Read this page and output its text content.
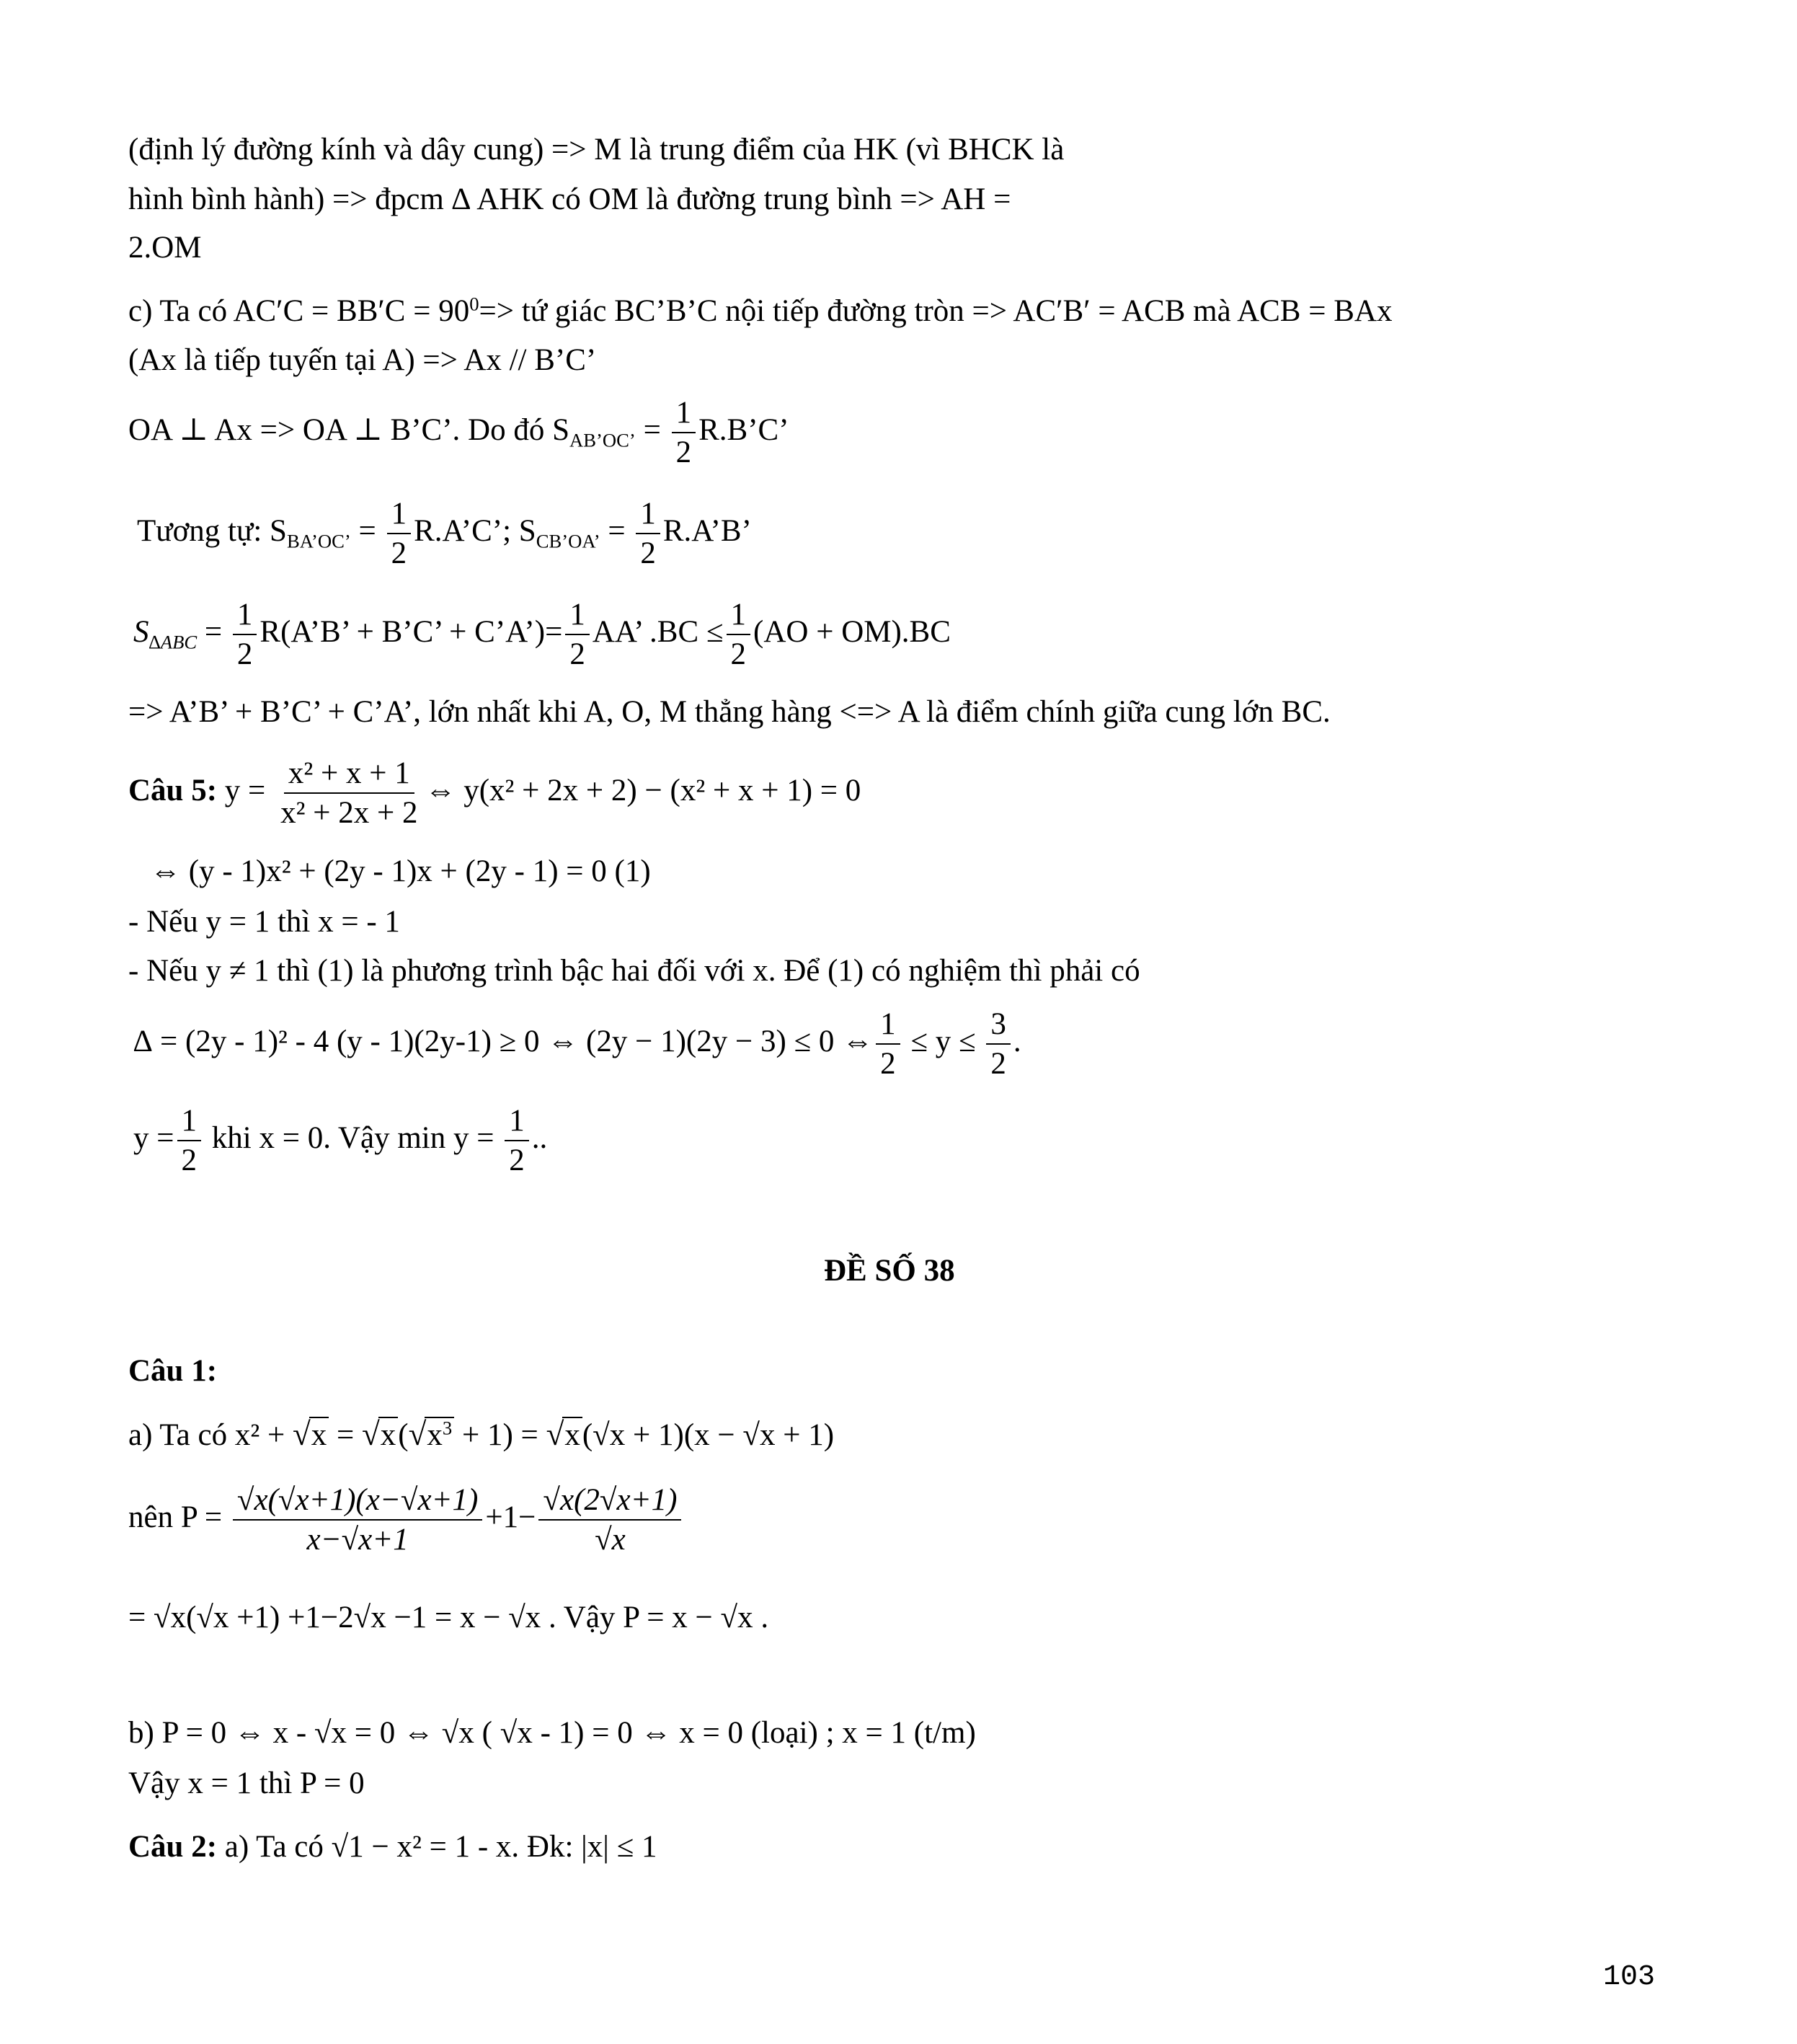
(định lý đường kính và dây cung) => M là trung điểm của HK (vì BHCK là
hình bình hành) => đpcm ∆ AHK có OM là đường trung bình => AH =
2.OM
c) Ta có $AC'C = BB'C = 90^0=>$ tứ giác BC’B’C nội tiếp đường tròn => AC′B′ = ACB mà ACB = BAx
(Ax là tiếp tuyến tại A) => Ax // B’C’
OA ⊥ Ax => OA ⊥ B’C’. Do đó $S_{AB’OC’} = \frac{1}{2}$ R.B’C’
Tương tự: $S_{BA’OC’} = \frac{1}{2}$ R.A’C’; $S_{CB’OA’} = \frac{1}{2}$ R.A’B’
$S_{\Delta ABC} = \frac{1}{2}$ R(A’B’ + B’C’ + C’A’)= $\frac{1}{2}$ AA’ $.BC \le \frac{1}{2} (AO + OM).BC$
=> A’B’ + B’C’ + C’A’, lớn nhất khi A, O, M thẳng hàng <=> A là điểm chính giữa cung lớn BC.
Câu 5: $y = \frac{\text{x² + x + 1}}{\text{x² + 2x + 2}}$ ⇔ y(x² + 2x + 2) − (x² + x + 1) = 0
⇔ (y - 1)x² + (2y - 1)x + (2y - 1) = 0 (1)
- Nếu y = 1 thì x = - 1
- Nếu y ≠ 1 thì (1) là phương trình bậc hai đối với x. Để (1) có nghiệm thì phải có
∆ = (2y - 1)² - 4 (y - 1)(2y-1) ≥ 0 ⇔ (2y − 1)(2y − 3) ≤ 0 ⇔ $\frac{1}{2} \le y \le \frac{3}{2}$ .
$y = \frac{1}{2}$ khi x = 0. Vậy $\min y = \frac{1}{2}$ ..
ĐỀ SỐ 38
Câu 1:
a) Ta có $x^2 + √x = √x(√x^3 + 1) = √x(√x + 1)(x - √x + 1)$
nên $P = \frac{√x(√x+1)(x-√x+1)}{x-√x+1} +1- \frac{√x(2√x+1)}{√x}$
= √x(√x +1) +1−2√x −1 = x − √x . Vậy P = x − √x .
b) P = 0 ⇔ x - √x = 0 ⇔ √x ( √x - 1) = 0 ⇔ x = 0 (loại) ; x = 1 (t/m)
Vậy x = 1 thì P = 0
Câu 2: a) Ta có √1 − x² = 1 - x. Đk: |x| ≤ 1
103
